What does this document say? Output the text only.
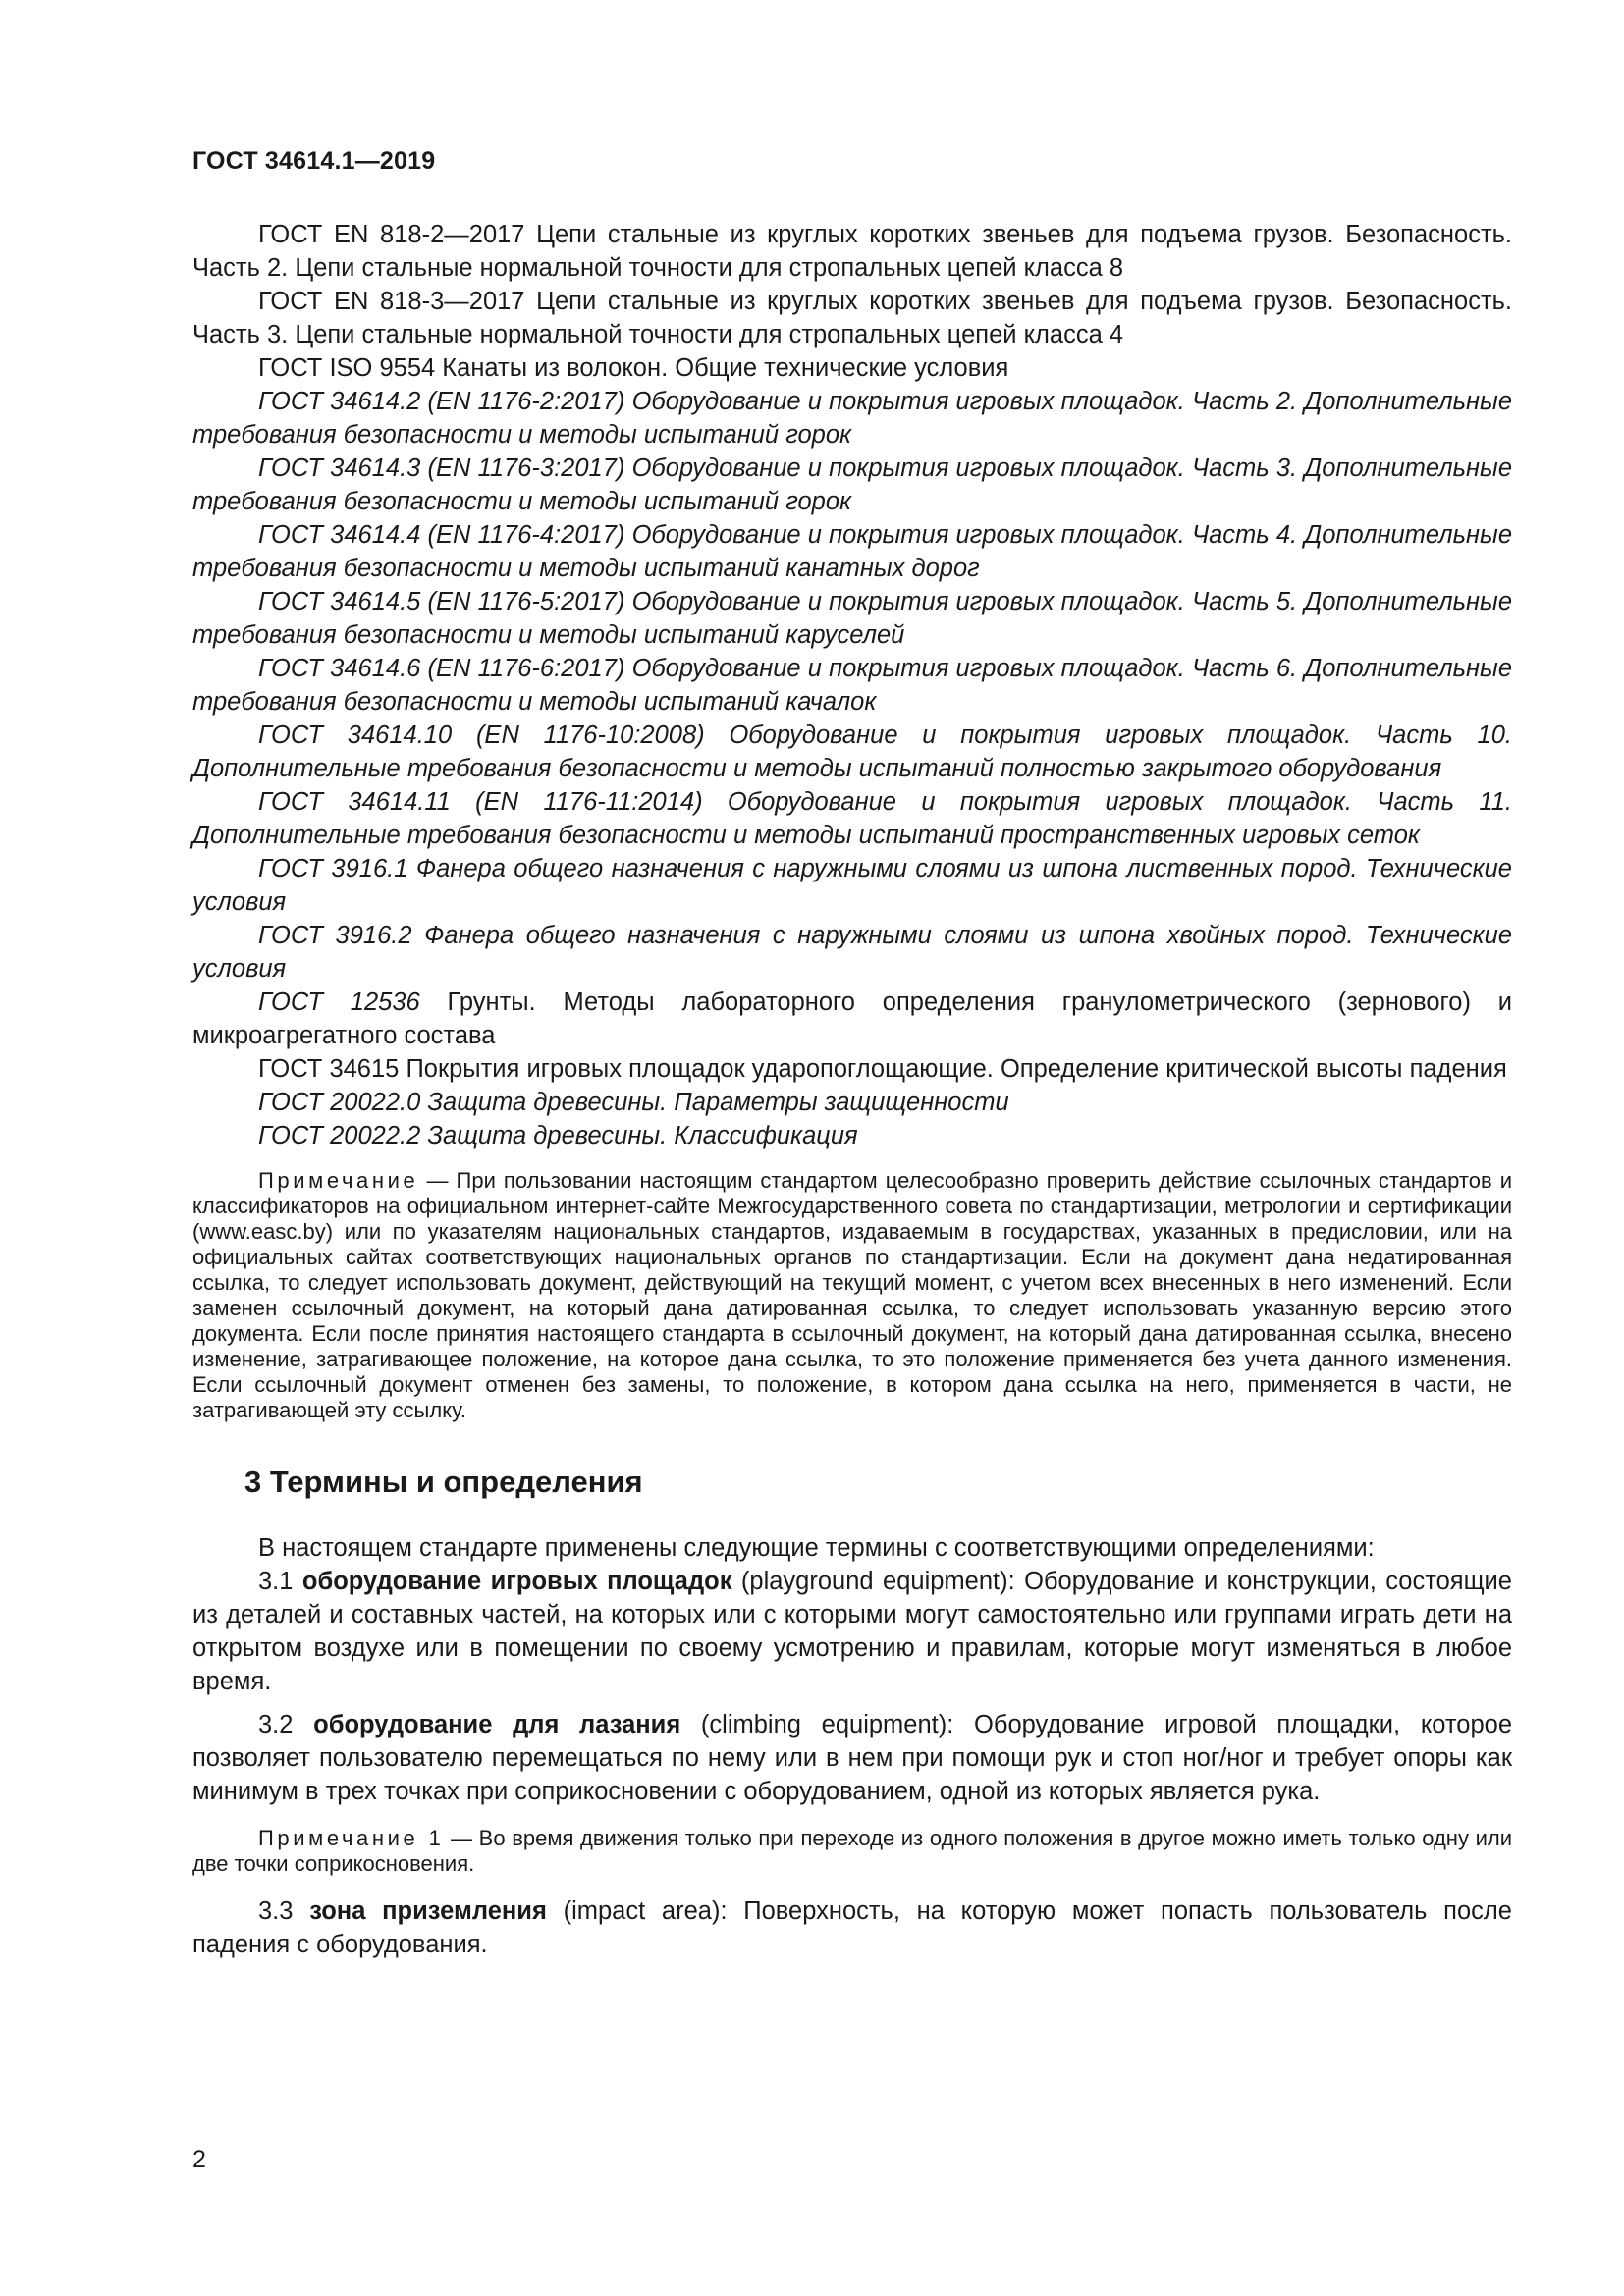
ГОСТ 34614.1—2019

ГОСТ EN 818-2—2017 Цепи стальные из круглых коротких звеньев для подъема грузов. Безопасность. Часть 2. Цепи стальные нормальной точности для стропальных цепей класса 8

ГОСТ EN 818-3—2017 Цепи стальные из круглых коротких звеньев для подъема грузов. Безопасность. Часть 3. Цепи стальные нормальной точности для стропальных цепей класса 4

ГОСТ ISO 9554 Канаты из волокон. Общие технические условия

ГОСТ 34614.2 (EN 1176-2:2017) Оборудование и покрытия игровых площадок. Часть 2. Дополнительные требования безопасности и методы испытаний горок

ГОСТ 34614.3 (EN 1176-3:2017) Оборудование и покрытия игровых площадок. Часть 3. Дополнительные требования безопасности и методы испытаний горок

ГОСТ 34614.4 (EN 1176-4:2017) Оборудование и покрытия игровых площадок. Часть 4. Дополнительные требования безопасности и методы испытаний канатных дорог

ГОСТ 34614.5 (EN 1176-5:2017) Оборудование и покрытия игровых площадок. Часть 5. Дополнительные требования безопасности и методы испытаний каруселей

ГОСТ 34614.6 (EN 1176-6:2017) Оборудование и покрытия игровых площадок. Часть 6. Дополнительные требования безопасности и методы испытаний качалок

ГОСТ 34614.10 (EN 1176-10:2008) Оборудование и покрытия игровых площадок. Часть 10. Дополнительные требования безопасности и методы испытаний полностью закрытого оборудования

ГОСТ 34614.11 (EN 1176-11:2014) Оборудование и покрытия игровых площадок. Часть 11. Дополнительные требования безопасности и методы испытаний пространственных игровых сеток

ГОСТ 3916.1 Фанера общего назначения с наружными слоями из шпона лиственных пород. Технические условия

ГОСТ 3916.2 Фанера общего назначения с наружными слоями из шпона хвойных пород. Технические условия

ГОСТ 12536 Грунты. Методы лабораторного определения гранулометрического (зернового) и микроагрегатного состава

ГОСТ 34615 Покрытия игровых площадок ударопоглощающие. Определение критической высоты падения

ГОСТ 20022.0 Защита древесины. Параметры защищенности

ГОСТ 20022.2 Защита древесины. Классификация

Примечание — При пользовании настоящим стандартом целесообразно проверить действие ссылочных стандартов и классификаторов на официальном интернет-сайте Межгосударственного совета по стандартизации, метрологии и сертификации (www.easc.by) или по указателям национальных стандартов, издаваемым в государствах, указанных в предисловии, или на официальных сайтах соответствующих национальных органов по стандартизации. Если на документ дана недатированная ссылка, то следует использовать документ, действующий на текущий момент, с учетом всех внесенных в него изменений. Если заменен ссылочный документ, на который дана датированная ссылка, то следует использовать указанную версию этого документа. Если после принятия настоящего стандарта в ссылочный документ, на который дана датированная ссылка, внесено изменение, затрагивающее положение, на которое дана ссылка, то это положение применяется без учета данного изменения. Если ссылочный документ отменен без замены, то положение, в котором дана ссылка на него, применяется в части, не затрагивающей эту ссылку.

3 Термины и определения

В настоящем стандарте применены следующие термины с соответствующими определениями:

3.1 оборудование игровых площадок (playground equipment): Оборудование и конструкции, состоящие из деталей и составных частей, на которых или с которыми могут самостоятельно или группами играть дети на открытом воздухе или в помещении по своему усмотрению и правилам, которые могут изменяться в любое время.

3.2 оборудование для лазания (climbing equipment): Оборудование игровой площадки, которое позволяет пользователю перемещаться по нему или в нем при помощи рук и стоп ног/ног и требует опоры как минимум в трех точках при соприкосновении с оборудованием, одной из которых является рука.

Примечание 1 — Во время движения только при переходе из одного положения в другое можно иметь только одну или две точки соприкосновения.

3.3 зона приземления (impact area): Поверхность, на которую может попасть пользователь после падения с оборудования.

2
